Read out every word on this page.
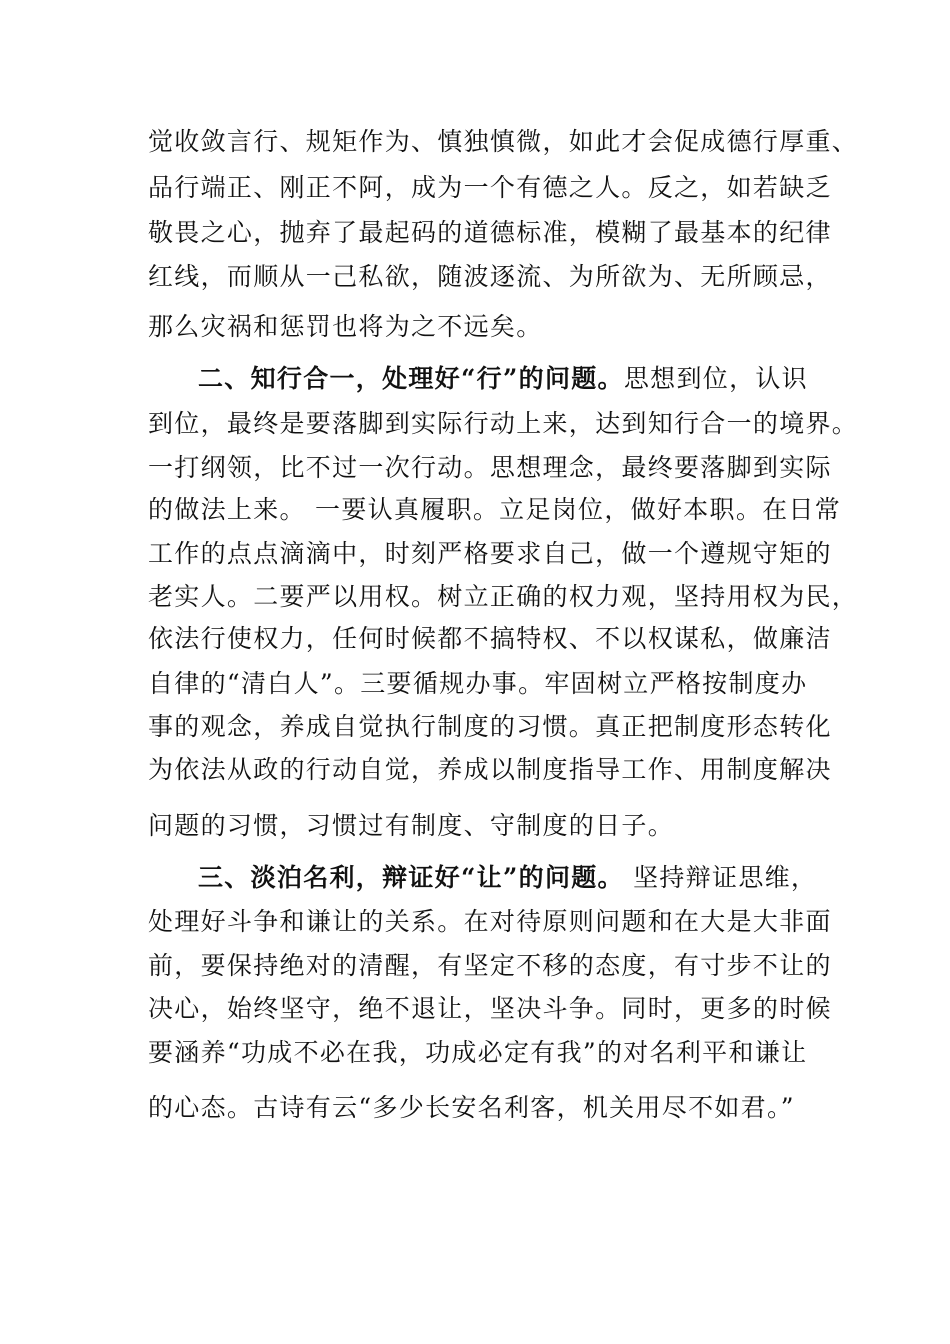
觉收敛言行、规矩作为、慎独慎微，如此才会促成德行厚重、
品行端正、刚正不阿，成为一个有德之人。反之，如若缺乏
敬畏之心，抛弃了最起码的道德标准，模糊了最基本的纪律
红线，而顺从一己私欲，随波逐流、为所欲为、无所顾忌，
那么灾祸和惩罚也将为之不远矣。
二、知行合一，处理好“行”的问题。思想到位，认识
到位，最终是要落脚到实际行动上来，达到知行合一的境界。
一打纲领，比不过一次行动。思想理念，最终要落脚到实际
的做法上来。 一要认真履职。立足岗位，做好本职。在日常
工作的点点滴滴中，时刻严格要求自己，做一个遵规守矩的
老实人。二要严以用权。树立正确的权力观，坚持用权为民，
依法行使权力，任何时候都不搞特权、不以权谋私，做廉洁
自律的“清白人”。三要循规办事。牢固树立严格按制度办
事的观念，养成自觉执行制度的习惯。真正把制度形态转化
为依法从政的行动自觉，养成以制度指导工作、用制度解决
问题的习惯，习惯过有制度、守制度的日子。
三、淡泊名利，辩证好“让”的问题。 坚持辩证思维，
处理好斗争和谦让的关系。在对待原则问题和在大是大非面
前，要保持绝对的清醒，有坚定不移的态度，有寸步不让的
决心，始终坚守，绝不退让，坚决斗争。同时，更多的时候
要涵养“功成不必在我，功成必定有我”的对名利平和谦让
的心态。古诗有云“多少长安名利客，机关用尽不如君。”
